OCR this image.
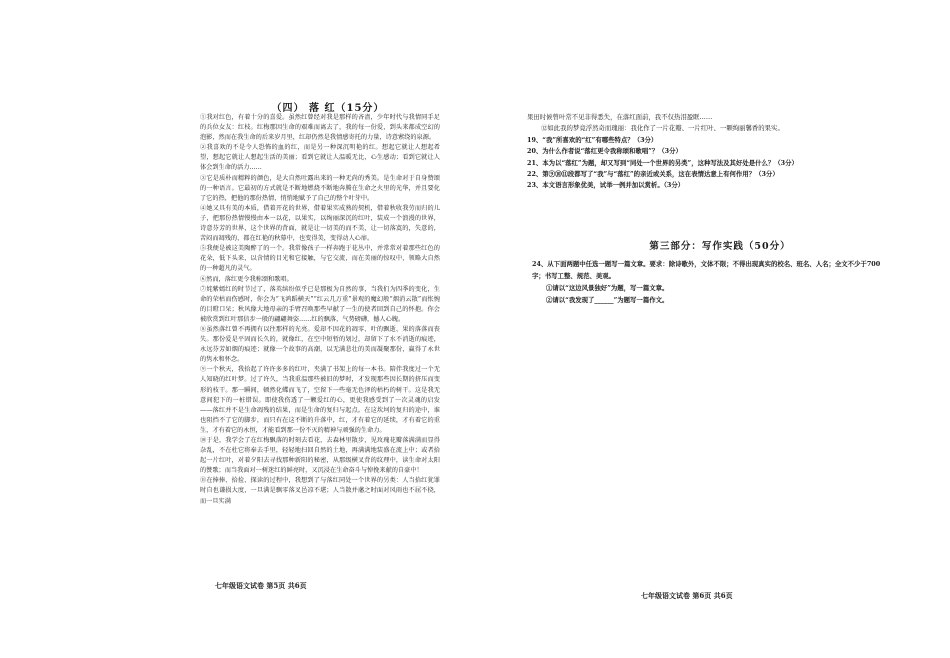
（四） 落 红（15分）

①我对红色，有着十分的喜爱。虽然红曾经对我是那样的吝啬，少年时代与我情同手足的兵位女友：红枝。红梅那因生命的艰难而离去了，我的每一份爱，到头来都成空幻的泡影，然而在我生命的后来岁月里，红却仍然是我情感寄托的力量，诗意萦绕的泉源。

②我喜欢的不是令人恐怖的血的红，而是另一种深沉明艳的红。想起它就让人想起希望，想起它就让人想起生活的美丽；看到它就让人温暖无比，心生感动；看到它就让人体会到生命的活力……

③它是质朴而精粹的颜色，是大自然吐露出来的一种无尚的秀美。是生命对于自身赞颂的一种语言。它最初的方式就是不断地燃烧不断地奔腾在生命之火里的光华，并且要化了它的热，把他的那份热情，悄悄地赋予了自己的整个叶芽中。

④她又具有美的本质，借着开花的世界，借着果实成熟的契机，借着秋收我劳而归的儿子，把那份热情慢慢由本一以花，以果实，以绚丽深沉的红叶，装成一个浪漫的世界，诗意芬芳的世界，这个世界的背面，就是让一切美的而不美，让一切落寞的，失意的，苦闷而凋残的，都在红艳的秋幕中，也变得美，变得动人心扉。

⑤我便是被这美陶醉了的一个。我常像孩子一样奔跑于花丛中，并常常对着那些红色的花朵，低下头来，以含情的目光和它接触，与它交流，而在美丽的惊叹中，领略大自然的一种超凡的灵气。

⑥然而，落红更令我称颂和歌唱。

⑦姹紫嫣红的时节过了，落英缤纷似乎已是那极为自然的事，当我们为四季的变化，生命的荣枯而伤感时，你会为“飞鸿蹈横天”“红云几万重”景观的魔幻般“烟消云散”而怅惋的目瞪口呆；秋风像大地母亲的手臂召唤那些早献了一生的使者回到自己的怀抱。你会被欣赏到红叶那信步一般的翩翩舞姿……红的飘落，气势磅礴，撼人心魄。

⑧虽然落红曾不再拥有以往那样的光亮。爱却不因花的凋零、叶的飘逝、果的落落而丧失。那份爱是平固而长久的，就像红，在空中短暂的划过，却留下了水不消逝的痕迹，永远芬芳如烟的痕迹；就像一个故事的高潮，以无满悲壮的美而凝聚那份，赢得了永世的隽永和怀念。

⑨一个秋天，我拾起了许许多多的红叶，夹满了书架上的每一本书。陪伴我度过一个无人知晓的红叶梦。过了许久，当我重温那些被旧的梦时，才发现那些因长期的挤压而变形的枝干。那一瞬间，顿然化蝶而飞了，空留下一些毫无色泽的枯朽的树干。这是我无意间犯下的一桩错误。即使我伤透了一颗爱红的心，更使我感受到了一次灵魂的启发——落红并不是生命凋残的结果，而是生命的复归与起点。在这坎坷的复归的途中，谁也阻挡不了它的脚步，而只有在这不断的升落中，红，才有着它的延续，才有着它的重生，才有着它的永恒，才能看到那一份不灭的精神与顽强的生命力。

⑩于是，我学会了在红梅飘落的时刻去看花，去森林里散步，见玫瑰花瓣落满满而显得杂乱，不在杜它将奉去手里，轻轻地扫回自然的土地，再满满地装盛在流上中；或者拾起一片红叶，对着夕阳去寻找那种新阳的秘密，从那级横叉背的纹理中，读生命对太阳的赞歌；而当我面对一树迷红的鲜亮时，又沉浸在生命奋斗与悼挽来献的自豪中！

⑪在捧捧、拾捡、探读的过程中，我想到了与落红同处一个世界的另类：人当拾红犹罪时自也谦损大度，一旦满是飘零落叉邑凉不堪；人当散并藩之时面对风雨也不屈不挠，而一旦实满

七年级语文试卷 第5页 共6页

果田时候曾叶常不见非得悉失，在落红面前，我不仅热泪盈眶……

⑫如此我的梦竟浮然奇而瑰丽：我化作了一片花瓣、一片红叶、一颗绚丽馨香的果实。

19、“我”所喜欢的“红”有哪些特点？（3分）

20、为什么作者说“落红更令我称颂和歌唱”？（3分）

21、本为以“落红”为题，却又写到“同处一个世界的另类”，这种写法及其好处是什么？（3分）

22、第⑨⑩⑪段都写了“我”与“落红”的亲近或关系，这在表情达意上有何作用？（3分）

23、本文语言形象优美，试举一例并加以赏析。（3分）

第三部分：写作实践（50分）

24、从下面两题中任选一题写一篇文章。要求：除诗歌外，文体不限；不得出现真实的校名、班名、人名；全文不少于700字；书写工整、规范、美观。

①请以“这边风景独好”为题，写一篇文章。

②请以“我发现了______”为题写一篇作文。

七年级语文试卷 第6页 共6页
